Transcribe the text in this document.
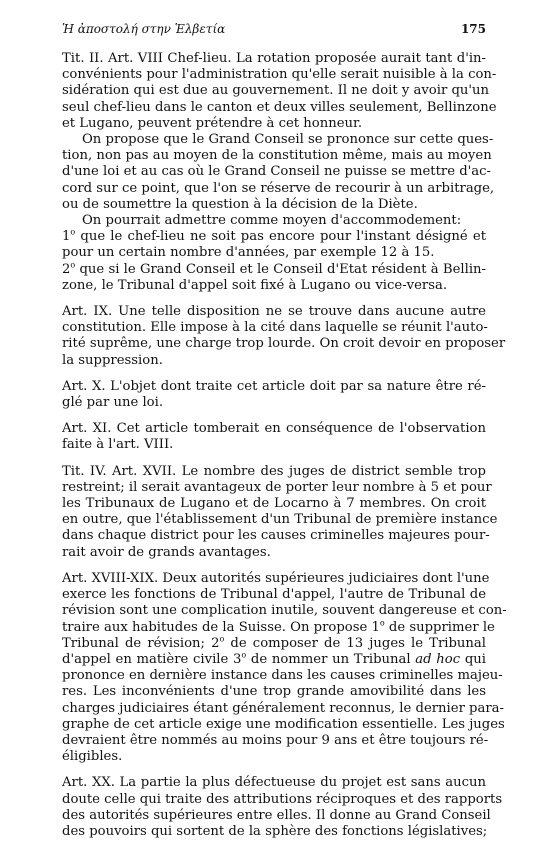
Ἡ ἀποστολή στην Ἑλβετία	175
Tit. II. Art. VIII Chef-lieu. La rotation proposée aurait tant d'in-
convénients pour l'administration qu'elle serait nuisible à la con-
sidération qui est due au gouvernement. Il ne doit y avoir qu'un
seul chef-lieu dans le canton et deux villes seulement, Bellinzone
et Lugano, peuvent prétendre à cet honneur.
On propose que le Grand Conseil se prononce sur cette ques-
tion, non pas au moyen de la constitution même, mais au moyen
d'une loi et au cas où le Grand Conseil ne puisse se mettre d'ac-
cord sur ce point, que l'on se réserve de recourir à un arbitrage,
ou de soumettre la question à la décision de la Diète.
On pourrait admettre comme moyen d'accommodement:
1$^o$ que le chef-lieu ne soit pas encore pour l'instant désigné et
pour un certain nombre d'années, par exemple 12 à 15.
2$^o$ que si le Grand Conseil et le Conseil d'Etat résident à Bellin-
zone, le Tribunal d'appel soit fixé à Lugano ou vice-versa.
Art. IX. Une telle disposition ne se trouve dans aucune autre
constitution. Elle impose à la cité dans laquelle se réunit l'auto-
rité suprême, une charge trop lourde. On croit devoir en proposer
la suppression.
Art. X. L'objet dont traite cet article doit par sa nature être ré-
glé par une loi.
Art. XI. Cet article tomberait en conséquence de l'observation
faite à l'art. VIII.
Tit. IV. Art. XVII. Le nombre des juges de district semble trop
restreint; il serait avantageux de porter leur nombre à 5 et pour
les Tribunaux de Lugano et de Locarno à 7 membres. On croit
en outre, que l'établissement d'un Tribunal de première instance
dans chaque district pour les causes criminelles majeures pour-
rait avoir de grands avantages.
Art. XVIII-XIX. Deux autorités supérieures judiciaires dont l'une
exerce les fonctions de Tribunal d'appel, l'autre de Tribunal de
révision sont une complication inutile, souvent dangereuse et con-
traire aux habitudes de la Suisse. On propose 1$^o$ de supprimer le
Tribunal de révision; 2$^o$ de composer de 13 juges le Tribunal
d'appel en matière civile 3$^o$ de nommer un Tribunal ad hoc qui
prononce en dernière instance dans les causes criminelles majeu-
res. Les inconvénients d'une trop grande amovibilité dans les
charges judiciaires étant généralement reconnus, le dernier para-
graphe de cet article exige une modification essentielle. Les juges
devraient être nommés au moins pour 9 ans et être toujours ré-
éligibles.
Art. XX. La partie la plus défectueuse du projet est sans aucun
doute celle qui traite des attributions réciproques et des rapports
des autorités supérieures entre elles. Il donne au Grand Conseil
des pouvoirs qui sortent de la sphère des fonctions législatives;
